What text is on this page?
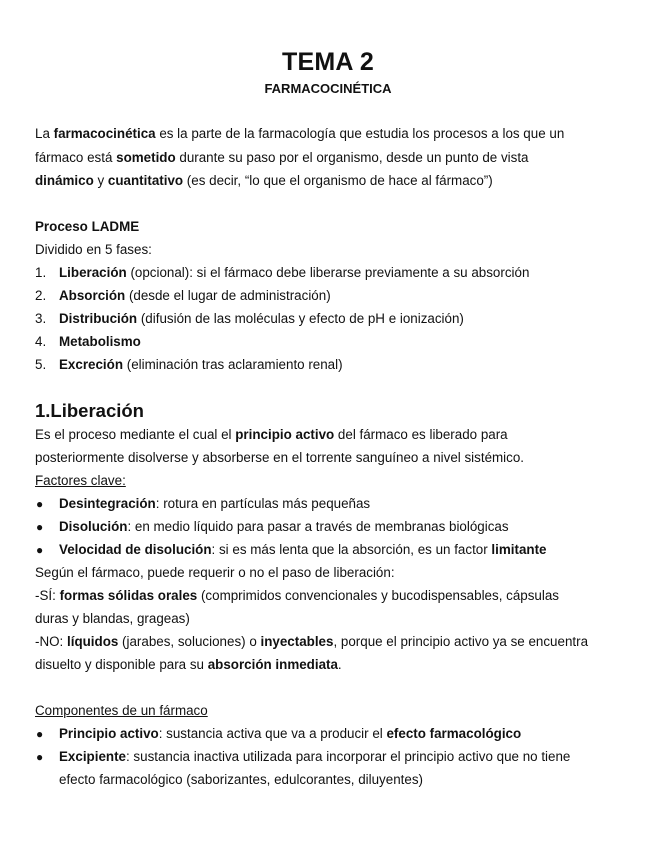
TEMA 2
FARMACOCINÉTICA
La farmacocinética es la parte de la farmacología que estudia los procesos a los que un
fármaco está sometido durante su paso por el organismo, desde un punto de vista
dinámico y cuantitativo (es decir, “lo que el organismo de hace al fármaco”)
Proceso LADME
Dividido en 5 fases:
1. Liberación (opcional): si el fármaco debe liberarse previamente a su absorción
2. Absorción (desde el lugar de administración)
3. Distribución (difusión de las moléculas y efecto de pH e ionización)
4. Metabolismo
5. Excreción (eliminación tras aclaramiento renal)
1.Liberación
Es el proceso mediante el cual el principio activo del fármaco es liberado para
posteriormente disolverse y absorberse en el torrente sanguíneo a nivel sistémico.
Factores clave:
● Desintegración: rotura en partículas más pequeñas
● Disolución: en medio líquido para pasar a través de membranas biológicas
● Velocidad de disolución: si es más lenta que la absorción, es un factor limitante
Según el fármaco, puede requerir o no el paso de liberación:
-SÍ: formas sólidas orales (comprimidos convencionales y bucodispensables, cápsulas
duras y blandas, grageas)
-NO: líquidos (jarabes, soluciones) o inyectables, porque el principio activo ya se encuentra
disuelto y disponible para su absorción inmediata.
Componentes de un fármaco
● Principio activo: sustancia activa que va a producir el efecto farmacológico
● Excipiente: sustancia inactiva utilizada para incorporar el principio activo que no tiene
efecto farmacológico (saborizantes, edulcorantes, diluyentes)
